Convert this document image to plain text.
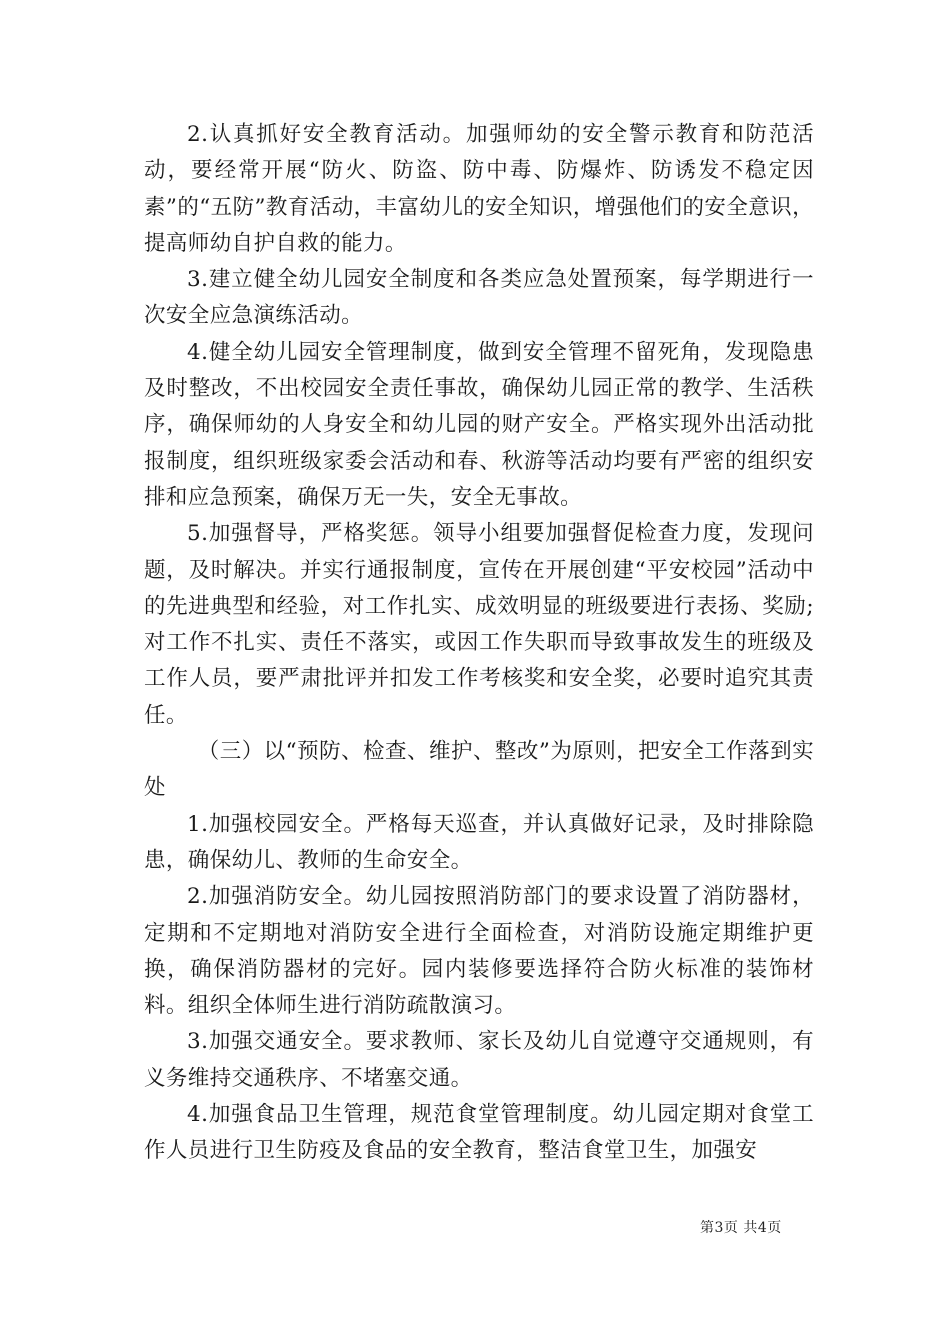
2.认真抓好安全教育活动。加强师幼的安全警示教育和防范活动，要经常开展“防火、防盗、防中毒、防爆炸、防诱发不稳定因素”的“五防”教育活动，丰富幼儿的安全知识，增强他们的安全意识，提高师幼自护自救的能力。

3.建立健全幼儿园安全制度和各类应急处置预案，每学期进行一次安全应急演练活动。

4.健全幼儿园安全管理制度，做到安全管理不留死角，发现隐患及时整改，不出校园安全责任事故，确保幼儿园正常的教学、生活秩序，确保师幼的人身安全和幼儿园的财产安全。严格实现外出活动批报制度，组织班级家委会活动和春、秋游等活动均要有严密的组织安排和应急预案，确保万无一失，安全无事故。

5.加强督导，严格奖惩。领导小组要加强督促检查力度，发现问题，及时解决。并实行通报制度，宣传在开展创建“平安校园”活动中的先进典型和经验，对工作扎实、成效明显的班级要进行表扬、奖励;对工作不扎实、责任不落实，或因工作失职而导致事故发生的班级及工作人员，要严肃批评并扣发工作考核奖和安全奖，必要时追究其责任。

（三）以“预防、检查、维护、整改”为原则，把安全工作落到实处

1.加强校园安全。严格每天巡查，并认真做好记录，及时排除隐患，确保幼儿、教师的生命安全。

2.加强消防安全。幼儿园按照消防部门的要求设置了消防器材，定期和不定期地对消防安全进行全面检查，对消防设施定期维护更换，确保消防器材的完好。园内装修要选择符合防火标准的装饰材料。组织全体师生进行消防疏散演习。

3.加强交通安全。要求教师、家长及幼儿自觉遵守交通规则，有义务维持交通秩序、不堵塞交通。

4.加强食品卫生管理，规范食堂管理制度。幼儿园定期对食堂工作人员进行卫生防疫及食品的安全教育，整洁食堂卫生，加强安

第3页 共4页
